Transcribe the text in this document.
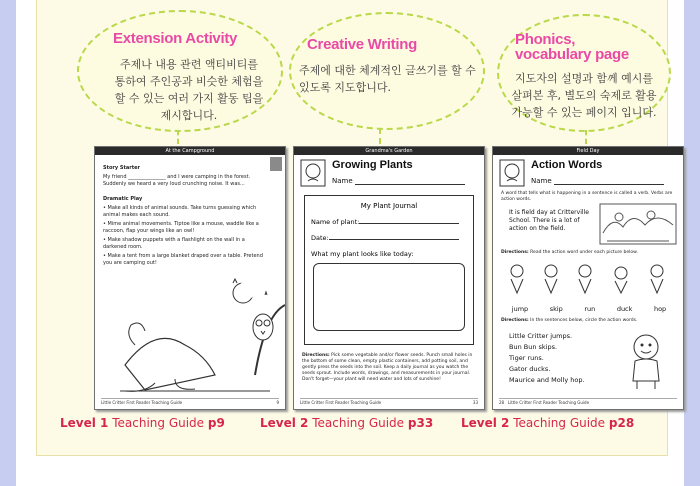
Extension Activity
주제나 내용 관련 액티비티를
통하여 주인공과 비슷한 체험을
할 수 있는 여러 가지 활동 팁을
제시합니다.
Creative Writing
주제에 대한 체계적인 글쓰기를 할 수
있도록 지도합니다.
Phonics,
vocabulary page
지도자의 설명과 함께 예시를
살펴본 후, 별도의 숙제로 활용
가능할 수 있는 페이지 입니다.
At the Campground
Story Starter
My friend _______________ and I were camping in the forest. Suddenly we heard a very loud crunching noise. It was...
Dramatic Play
• Make all kinds of animal sounds. Take turns guessing which animal makes each sound.
• Mime animal movements. Tiptoe like a mouse, waddle like a raccoon, flap your wings like an owl!
• Make shadow puppets with a flashlight on the wall in a darkened room.
• Make a tent from a large blanket draped over a table. Pretend you are camping out!
Little Critter First Reader Teaching Guide	9
Grandma's Garden
Growing Plants
Name
My Plant Journal
Name of plant:
Date:
What my plant looks like today:
Directions: Pick some vegetable and/or flower seeds. Punch small holes in the bottom of some clean, empty plastic containers, add potting soil, and gently press the seeds into the soil. Keep a daily journal as you watch the seeds sprout. Include words, drawings, and measurements in your journal. Don't forget—your plant will need water and lots of sunshine!
Little Critter First Reader Teaching Guide	33
Field Day
Action Words
Name
A word that tells what is happening in a sentence is called a verb. Verbs are action words.
It is field day at Critterville School. There is a lot of action on the field.
Directions: Read the action word under each picture below.
jump	skip	run	duck	hop
Directions: In the sentences below, circle the action words.
Little Critter jumps.
Bun Bun skips.
Tiger runs.
Gator ducks.
Maurice and Molly hop.
28 Little Critter First Reader Teaching Guide
Level 1 Teaching Guide p9	Level 2 Teaching Guide p33 Level 2 Teaching Guide p28
